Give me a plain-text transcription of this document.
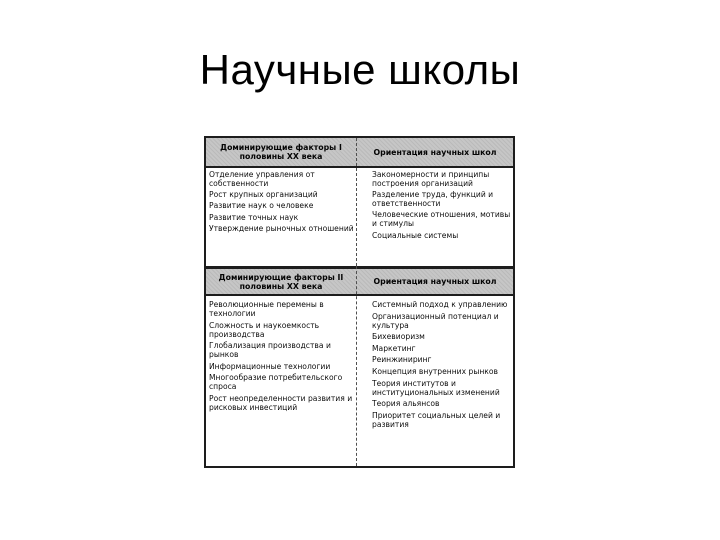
Научные школы
Доминирующие факторы I половины XX века	Ориентация научных школ
Отделение управления от собственности
Рост крупных организаций
Развитие наук о человеке
Развитие точных наук
Утверждение рыночных отношений
Закономерности и принципы построения организаций
Разделение труда, функций и ответственности
Человеческие отношения, мотивы и стимулы
Социальные системы
Доминирующие факторы II половины XX века	Ориентация научных школ
Революционные перемены в технологии
Сложность и наукоемкость производства
Глобализация производства и рынков
Информационные технологии
Многообразие потребительского спроса
Рост неопределенности развития и рисковых инвестиций
Системный подход к управлению
Организационный потенциал и культура
Бихевиоризм
Маркетинг
Реинжиниринг
Концепция внутренних рынков
Теория институтов и институциональных изменений
Теория альянсов
Приоритет социальных целей и развития
